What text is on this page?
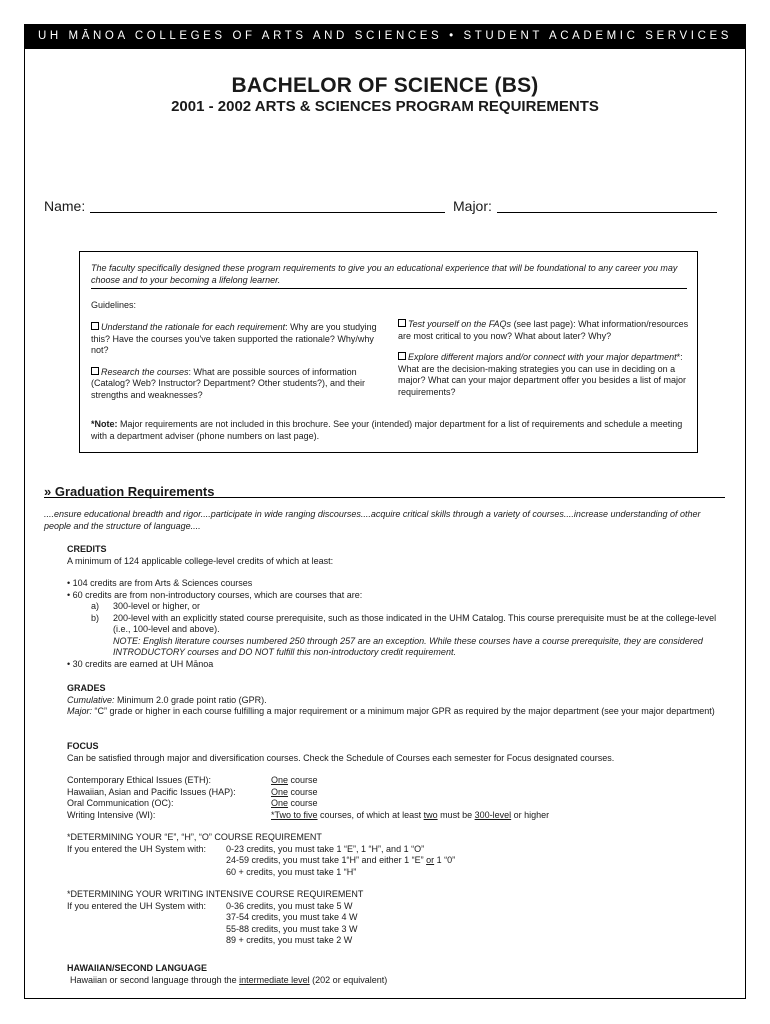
UH MĀNOA COLLEGES OF ARTS AND SCIENCES • STUDENT ACADEMIC SERVICES
BACHELOR OF SCIENCE (BS)
2001 - 2002 ARTS & SCIENCES PROGRAM REQUIREMENTS
Name:	Major:
The faculty specifically designed these program requirements to give you an educational experience that will be foundational to any career you may choose and to your becoming a lifelong learner.
Guidelines:

Understand the rationale for each requirement: Why are you studying this? Have the courses you've taken supported the rationale? Why/why not?

Research the courses: What are possible sources of information (Catalog? Web? Instructor? Department? Other students?), and their strengths and weaknesses?

Test yourself on the FAQs (see last page): What information/resources are most critical to you now? What about later? Why?

Explore different majors and/or connect with your major department*: What are the decision-making strategies you can use in deciding on a major? What can your major department offer you besides a list of major requirements?

*Note: Major requirements are not included in this brochure. See your (intended) major department for a list of requirements and schedule a meeting with a department adviser (phone numbers on last page).
» Graduation Requirements
....ensure educational breadth and rigor....participate in wide ranging discourses....acquire critical skills through a variety of courses....increase understanding of other people and the structure of language....
CREDITS
A minimum of 124 applicable college-level credits of which at least:
• 104 credits are from Arts & Sciences courses
• 60 credits are from non-introductory courses, which are courses that are:
a) 300-level or higher, or
b)	200-level with an explicitly stated course prerequisite, such as those indicated in the UHM Catalog. This course prerequisite must be at the college-level (i.e., 100-level and above).
NOTE: English literature courses numbered 250 through 257 are an exception. While these courses have a course prerequisite, they are considered INTRODUCTORY courses and DO NOT fulfill this non-introductory credit requirement.
• 30 credits are earned at UH Mānoa
GRADES
Cumulative: Minimum 2.0 grade point ratio (GPR).
Major: “C” grade or higher in each course fulfilling a major requirement or a minimum major GPR as required by the major department (see your major department)
FOCUS
Can be satisfied through major and diversification courses. Check the Schedule of Courses each semester for Focus designated courses.
Contemporary Ethical Issues (ETH):	One course
Hawaiian, Asian and Pacific Issues (HAP):	One course
Oral Communication (OC):	One course
Writing Intensive (WI):	*Two to five courses, of which at least two must be 300-level or higher
*DETERMINING YOUR “E”, “H”, “O” COURSE REQUIREMENT
If you entered the UH System with: 0-23 credits, you must take 1 “E”, 1 “H”, and 1 “O”
24-59 credits, you must take 1“H” and either 1 “E” or 1 “0”
60 + credits, you must take 1 “H”
*DETERMINING YOUR WRITING INTENSIVE COURSE REQUIREMENT
If you entered the UH System with: 0-36 credits, you must take 5 W
37-54 credits, you must take 4 W
55-88 credits, you must take 3 W
89 + credits, you must take 2 W
HAWAIIAN/SECOND LANGUAGE
Hawaiian or second language through the intermediate level (202 or equivalent)
